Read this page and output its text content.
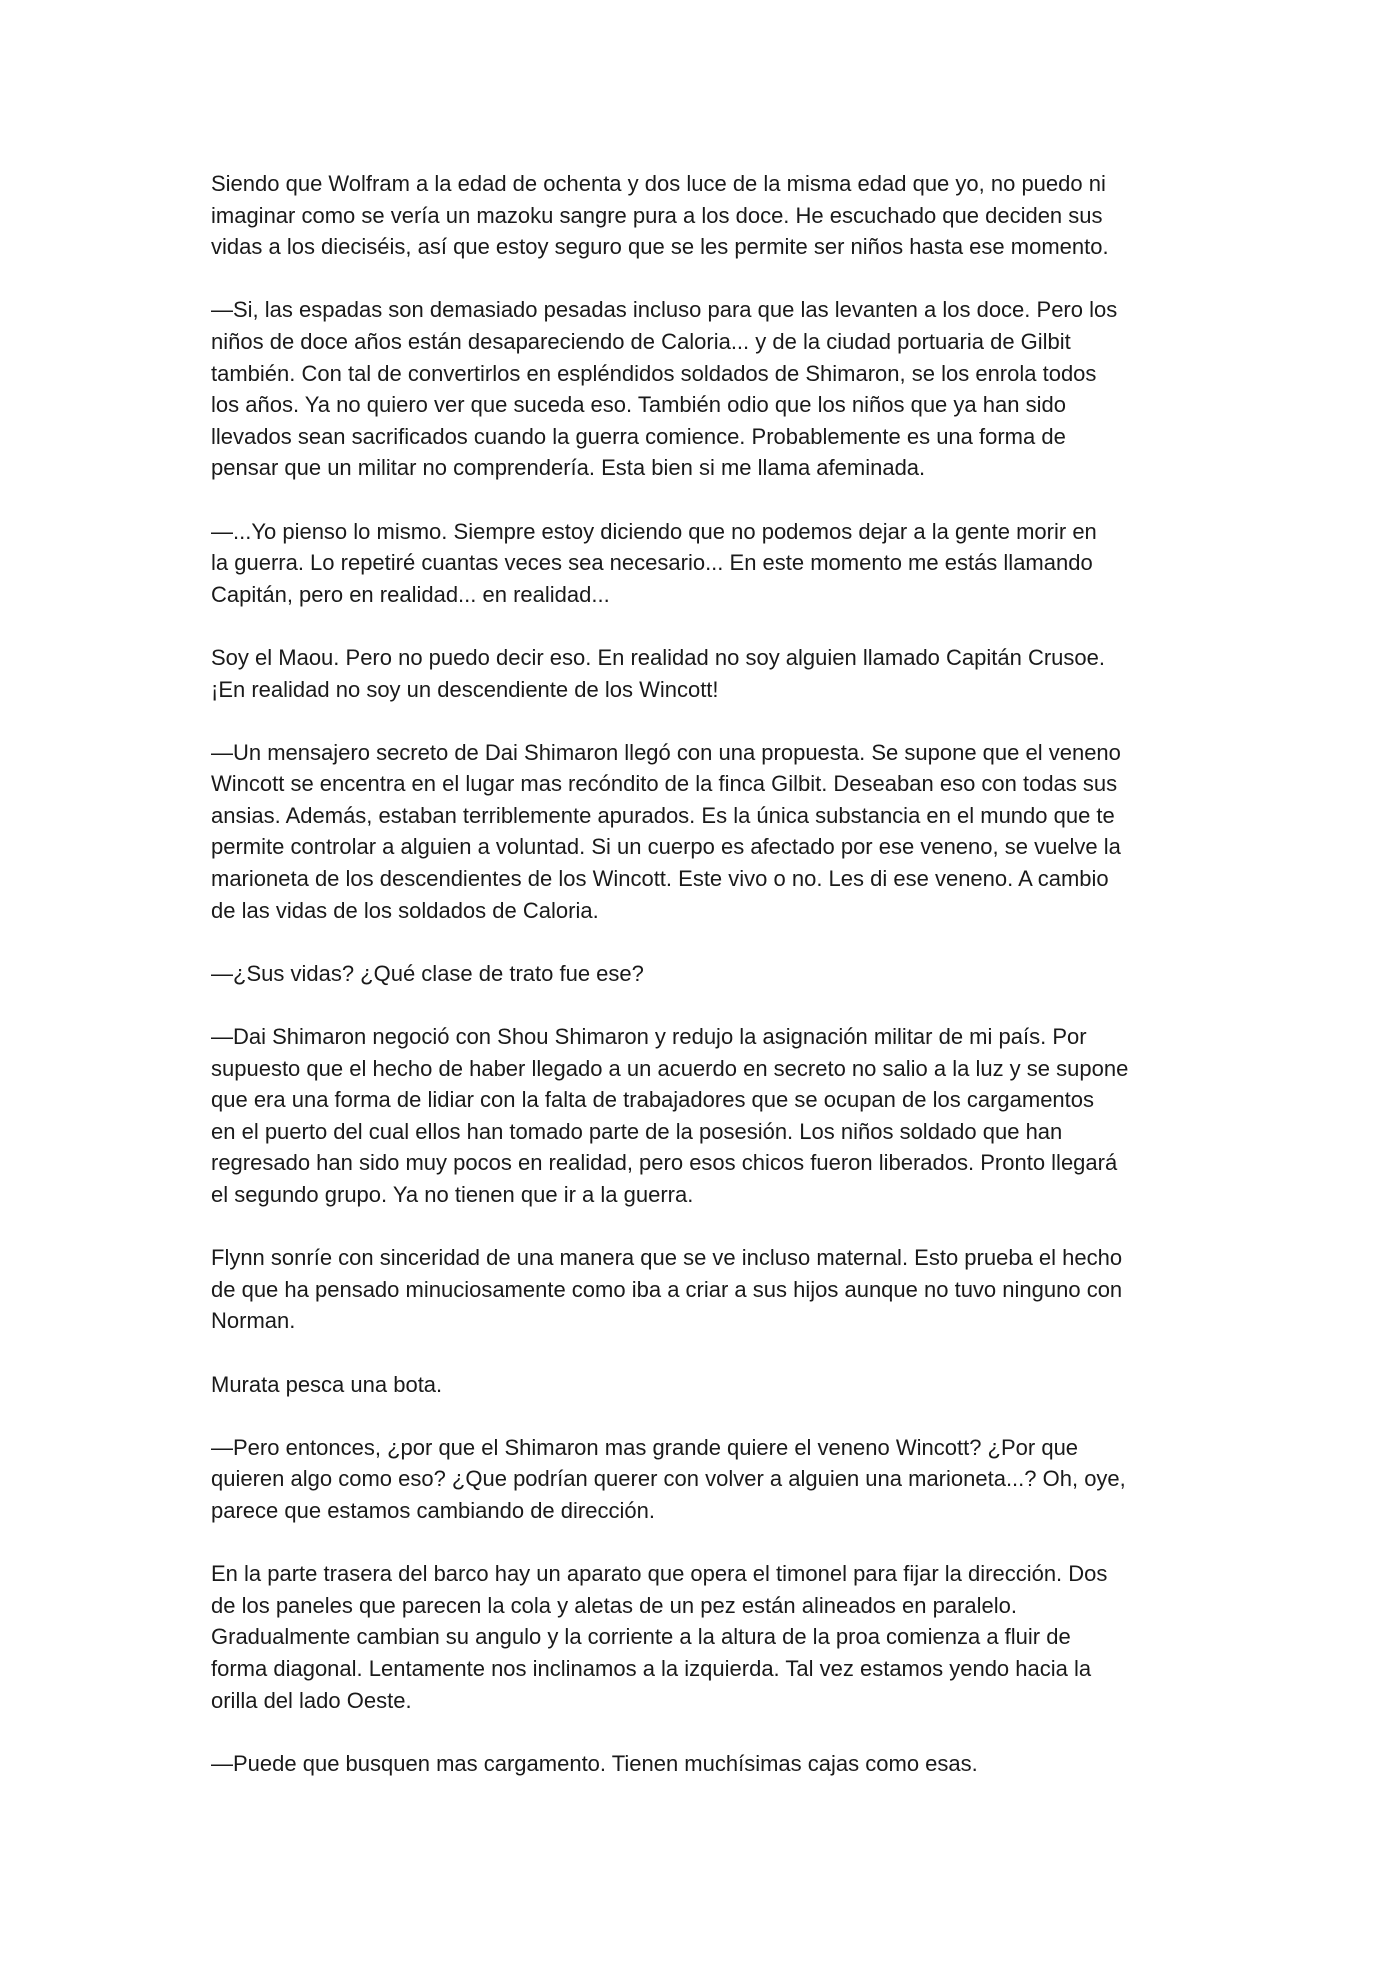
Siendo que Wolfram a la edad de ochenta y dos luce de la misma edad que yo, no puedo ni
imaginar como se vería un mazoku sangre pura a los doce. He escuchado que deciden sus
vidas a los dieciséis, así que estoy seguro que se les permite ser niños hasta ese momento.

—Si, las espadas son demasiado pesadas incluso para que las levanten a los doce. Pero los
niños de doce años están desapareciendo de Caloria... y de la ciudad portuaria de Gilbit
también. Con tal de convertirlos en espléndidos soldados de Shimaron, se los enrola todos
los años. Ya no quiero ver que suceda eso. También odio que los niños que ya han sido
llevados sean sacrificados cuando la guerra comience. Probablemente es una forma de
pensar que un militar no comprendería. Esta bien si me llama afeminada.

—...Yo pienso lo mismo. Siempre estoy diciendo que no podemos dejar a la gente morir en
la guerra. Lo repetiré cuantas veces sea necesario... En este momento me estás llamando
Capitán, pero en realidad... en realidad...

Soy el Maou. Pero no puedo decir eso. En realidad no soy alguien llamado Capitán Crusoe.
¡En realidad no soy un descendiente de los Wincott!

—Un mensajero secreto de Dai Shimaron llegó con una propuesta. Se supone que el veneno
Wincott se encentra en el lugar mas recóndito de la finca Gilbit. Deseaban eso con todas sus
ansias. Además, estaban terriblemente apurados. Es la única substancia en el mundo que te
permite controlar a alguien a voluntad. Si un cuerpo es afectado por ese veneno, se vuelve la
marioneta de los descendientes de los Wincott. Este vivo o no. Les di ese veneno. A cambio
de las vidas de los soldados de Caloria.

—¿Sus vidas? ¿Qué clase de trato fue ese?

—Dai Shimaron negoció con Shou Shimaron y redujo la asignación militar de mi país. Por
supuesto que el hecho de haber llegado a un acuerdo en secreto no salio a la luz y se supone
que era una forma de lidiar con la falta de trabajadores que se ocupan de los cargamentos
en el puerto del cual ellos han tomado parte de la posesión. Los niños soldado que han
regresado han sido muy pocos en realidad, pero esos chicos fueron liberados. Pronto llegará
el segundo grupo. Ya no tienen que ir a la guerra.

Flynn sonríe con sinceridad de una manera que se ve incluso maternal. Esto prueba el hecho
de que ha pensado minuciosamente como iba a criar a sus hijos aunque no tuvo ninguno con
Norman.

Murata pesca una bota.

—Pero entonces, ¿por que el Shimaron mas grande quiere el veneno Wincott? ¿Por que
quieren algo como eso? ¿Que podrían querer con volver a alguien una marioneta...? Oh, oye,
parece que estamos cambiando de dirección.

En la parte trasera del barco hay un aparato que opera el timonel para fijar la dirección. Dos
de los paneles que parecen la cola y aletas de un pez están alineados en paralelo.
Gradualmente cambian su angulo y la corriente a la altura de la proa comienza a fluir de
forma diagonal. Lentamente nos inclinamos a la izquierda. Tal vez estamos yendo hacia la
orilla del lado Oeste.

—Puede que busquen mas cargamento. Tienen muchísimas cajas como esas.
